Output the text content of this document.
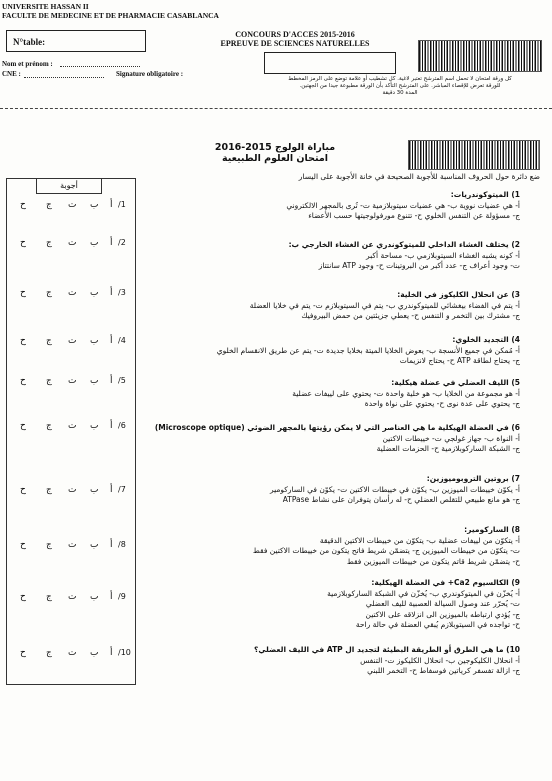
UNIVERSITE HASSAN II
FACULTE DE MEDECINE ET DE PHARMACIE CASABLANCA
N°table:
CONCOURS D'ACCES 2015-2016
EPREUVE DE SCIENCES NATURELLES
Nom et prénom :
CNE :	Signature obligatoire :
كل ورقة امتحان لا تحمل اسم المترشح تعتبر لاغية. كل تشطيب أو علامة توضع على الرمز المخطط
للورقة تعرض للإقصاء المباشر. على المترشح التأكد بأن الورقة مطبوعة جيدا من الجهتين.
المدة 30 دقيقة
مباراة الولوج 2015-2016
امتحان العلوم الطبيعية
ضع دائرة حول الحروف المناسبة للأجوبة الصحيحة في خانة الأجوبة على اليسار
أجوبة
/1
أ
ب
ت
ج
ح
/2
أ
ب
ت
ج
ح
/3
أ
ب
ت
ج
ح
/4
أ
ب
ت
ج
ح
/5
أ
ب
ت
ج
ح
/6
أ
ب
ت
ج
ح
/7
أ
ب
ت
ج
ح
/8
أ
ب
ت
ج
ح
/9
أ
ب
ت
ج
ح
/10
أ
ب
ت
ج
ح
1) الميتوكوندريات:
أ- هي عضيات نووية ب- هي عضيات سيتوبلازمية ت- تُرى بالمجهر الالكتروني
ج- مسؤولة عن التنفس الخلوي ح- تتنوع مورفولوجيتها حسب الأعضاء
2) يختلف الغشاء الداخلي للميتوكوندري عن الغشاء الخارجي ب:
أ- كونه يشبه الغشاء السيتوبلازمي ب- مساحة أكبر
ت- وجود أعراف ج- عدد أكبر من البروتينات ح- وجود ATP سانتتاز
3) عن انحلال الكليكوز في الخلية:
أ- يتم في الفضاء بيغشائي للميتوكوندري ب- يتم في السيتوبلازم ت- يتم في خلايا العضلة
ج- مشترك بين التخمر و التنفس ح- يعطي جزيئتين من حمض البيروفيك
4) التجديد الخلوي:
أ- مُمكن في جميع الأنسجة ب- يعوض الخلايا الميتة بخلايا جديدة ت- يتم عن طريق الانقسام الخلوي
ج- يحتاج لطاقة ATP ح- يحتاج لانزيمات
5) الليف العضلي في عضلة هيكلية:
أ- هو مجموعة من الخلايا ب- هو خلية واحدة ت- يحتوي على لييفات عضلية
ج- يحتوي على عدة نوى ح- يحتوي على نواة واحدة
6) في العضلة الهيكلية ما هي العناصر التي لا يمكن رؤيتها بالمجهر الضوئي (Microscope optique)
أ- النواة ب- جهاز غولجي ت- خييطات الاكتين
ج- الشبكة الساركوبلازمية ح- الحزمات العضلية
7) بروتين التروبوميوزين:
أ- يكوّن خييطات الميوزين ب- يكوّن في خييطات الاكتين ت- يكوّن في الساركومير
ج- هو مانع طبيعي للتقلص العضلي ح- له رأسان يتوفران على نشاط ATPase
8) الساركومير:
أ- يتكوّن من لييفات عضلية ب- يتكوّن من خييطات الاكتين الدقيقة
ت- يتكوّن من خييطات الميوزين ج- يتضمّن شريط فاتح يتكون من خييطات الاكتين فقط
ح- يتضمّن شريط قاتم يتكون من خييطات الميوزين فقط
9) الكالسيوم Ca2+ في العضلة الهيكلية:
أ- يُخزّن في الميتوكوندري ب- يُخزّن في الشبكة الساركوبلازمية
ت- يُحرّر عند وصول السيالة العصبية لليف العضلي
ج- يُؤدي ارتباطه بالميوزين الى انزلاقه على الاكتين
ح- تواجده في السيتوبلازم يُبقي العضلة في حالة راحة
10) ما هي الطرق أو الطريقة البطيئة لتجديد ال ATP في الليف العضلي؟
أ- انحلال الكليكوجين ب- انحلال الكليكوز ت- التنفس
ج- ازالة تفسفر كرياتين فوسفاط ح- التخمر اللبني
